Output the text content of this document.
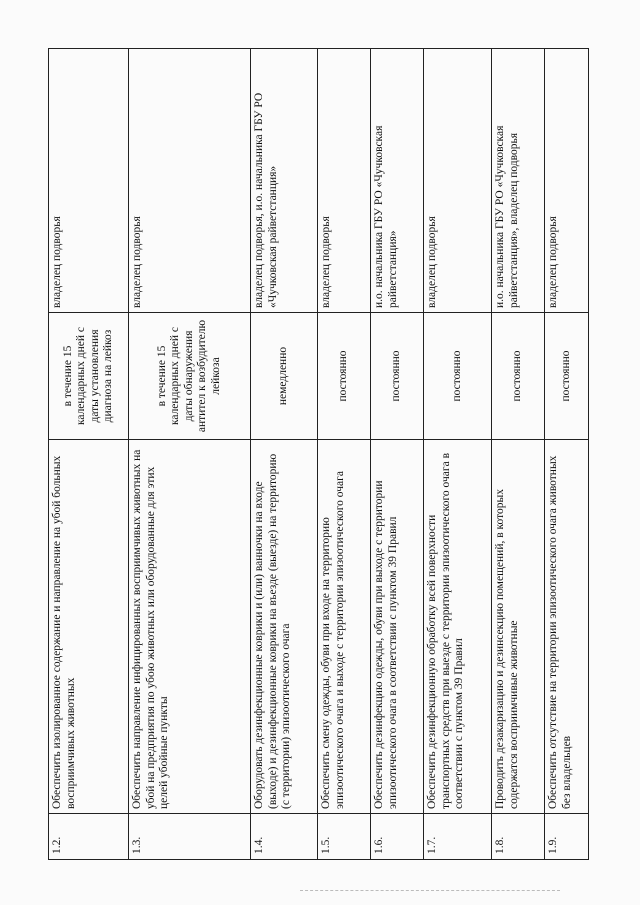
1.2.	Обеспечить изолированное содержание и направление на убой больных восприимчивых животных	в течение 15 календарных дней с даты установления диагноза на лейкоз	владелец подворья
1.3.	Обеспечить направление инфицированных восприимчивых животных на убой на предприятия по убою животных или оборудованные для этих целей убойные пункты	в течение 15 календарных дней с даты обнаружения антител к возбудителю лейкоза	владелец подворья
1.4.	Оборудовать дезинфекционные коврики и (или) ванночки на входе (выходе) и дезинфекционные коврики на въезде (выезде) на территорию (с территории) эпизоотического очага	немедленно	владелец подворья, и.о. начальника ГБУ РО «Чучковская райветстанция»
1.5.	Обеспечить смену одежды, обуви при входе на территорию эпизоотического очага и выходе с территории эпизоотического очага	постоянно	владелец подворья
1.6.	Обеспечить дезинфекцию одежды, обуви при выходе с территории эпизоотического очага в соответствии с пунктом 39 Правил	постоянно	и.о. начальника ГБУ РО «Чучковская райветстанция»
1.7.	Обеспечить дезинфекционную обработку всей поверхности транспортных средств при выезде с территории эпизоотического очага в соответствии с пунктом 39 Правил	постоянно	владелец подворья
1.8.	Проводить дезакаризацию и дезинсекцию помещений, в которых содержатся восприимчивые животные	постоянно	и.о. начальника ГБУ РО «Чучковская райветстанция», владелец подворья
1.9.	Обеспечить отсутствие на территории эпизоотического очага животных без владельцев	постоянно	владелец подворья
